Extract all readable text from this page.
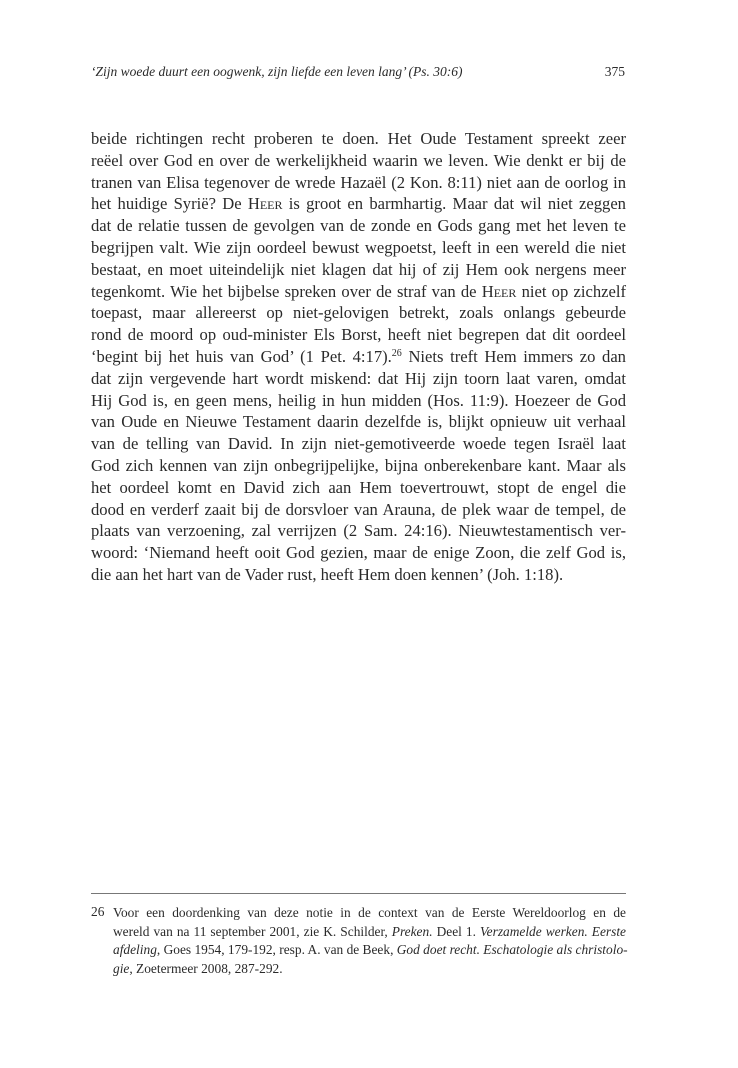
‘Zijn woede duurt een oogwenk, zijn liefde een leven lang’ (Ps. 30:6)	375
beide richtingen recht proberen te doen. Het Oude Testament spreekt zeer
reëel over God en over de werkelijkheid waarin we leven. Wie denkt er bij de
tranen van Elisa tegenover de wrede Hazaël (2 Kon. 8:11) niet aan de oorlog in
het huidige Syrië? De Heer is groot en barmhartig. Maar dat wil niet zeggen
dat de relatie tussen de gevolgen van de zonde en Gods gang met het leven te
begrijpen valt. Wie zijn oordeel bewust wegpoetst, leeft in een wereld die niet
bestaat, en moet uiteindelijk niet klagen dat hij of zij Hem ook nergens meer
tegenkomt. Wie het bijbelse spreken over de straf van de Heer niet op zichzelf
toepast, maar allereerst op niet-gelovigen betrekt, zoals onlangs gebeurde
rond de moord op oud-minister Els Borst, heeft niet begrepen dat dit oordeel
‘begint bij het huis van God’ (1 Pet. 4:17).$^{26}$ Niets treft Hem immers zo dan
dat zijn vergevende hart wordt miskend: dat Hij zijn toorn laat varen, omdat
Hij God is, en geen mens, heilig in hun midden (Hos. 11:9). Hoezeer de God
van Oude en Nieuwe Testament daarin dezelfde is, blijkt opnieuw uit verhaal
van de telling van David. In zijn niet-gemotiveerde woede tegen Israël laat
God zich kennen van zijn onbegrijpelijke, bijna onberekenbare kant. Maar als
het oordeel komt en David zich aan Hem toevertrouwt, stopt de engel die
dood en verderf zaait bij de dorsvloer van Arauna, de plek waar de tempel, de
plaats van verzoening, zal verrijzen (2 Sam. 24:16). Nieuwtestamentisch ver-
woord: ‘Niemand heeft ooit God gezien, maar de enige Zoon, die zelf God is,
die aan het hart van de Vader rust, heeft Hem doen kennen’ (Joh. 1:18).
26 Voor een doordenking van deze notie in de context van de Eerste Wereldoorlog en de
wereld van na 11 september 2001, zie K. Schilder, Preken. Deel 1. Verzamelde werken. Eerste
afdeling, Goes 1954, 179-192, resp. A. van de Beek, God doet recht. Eschatologie als christolo-
gie, Zoetermeer 2008, 287-292.
